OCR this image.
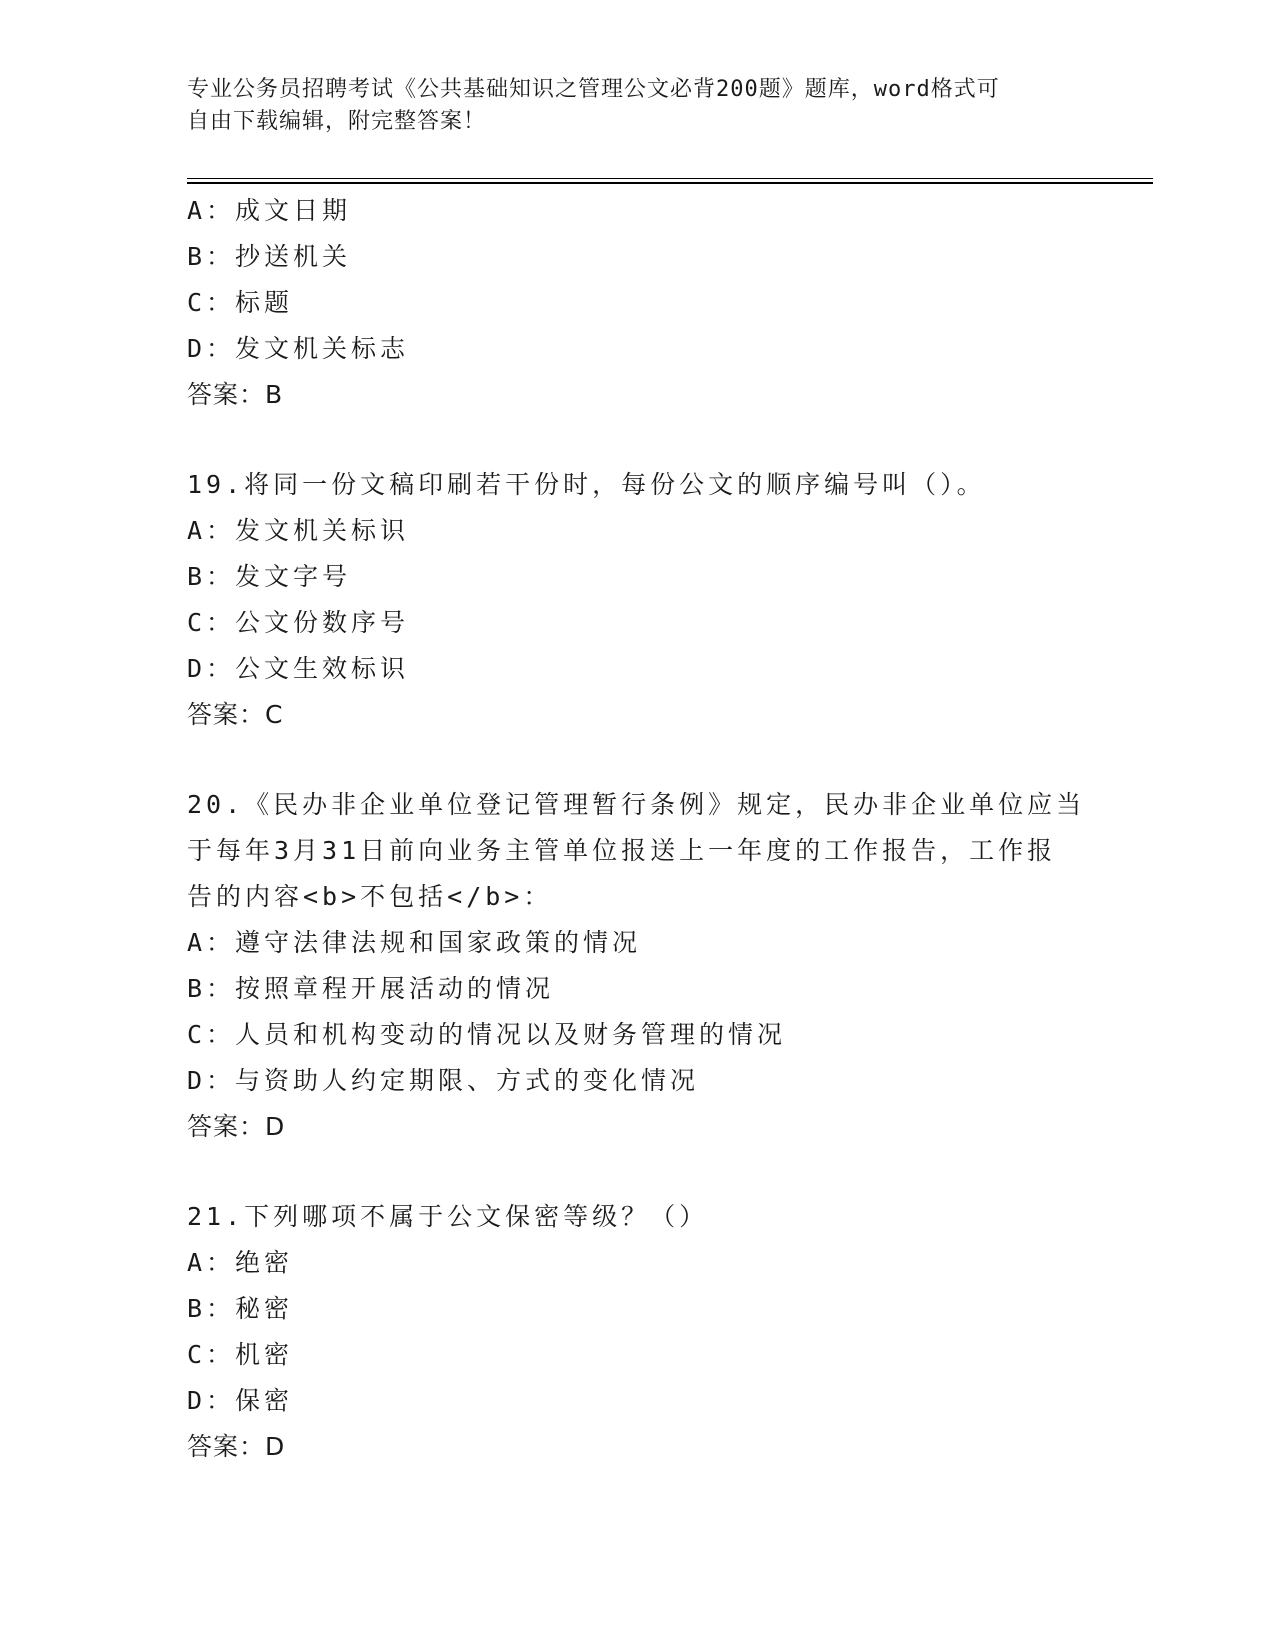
专业公务员招聘考试《公共基础知识之管理公文必背200题》题库，word格式可
自由下载编辑，附完整答案！
A：成文日期
B：抄送机关
C：标题
D：发文机关标志
答案：B
19.将同一份文稿印刷若干份时，每份公文的顺序编号叫（）。
A：发文机关标识
B：发文字号
C：公文份数序号
D：公文生效标识
答案：C
20.《民办非企业单位登记管理暂行条例》规定，民办非企业单位应当
于每年3月31日前向业务主管单位报送上一年度的工作报告，工作报
告的内容<b>不包括</b>：
A：遵守法律法规和国家政策的情况
B：按照章程开展活动的情况
C：人员和机构变动的情况以及财务管理的情况
D：与资助人约定期限、方式的变化情况
答案：D
21.下列哪项不属于公文保密等级？（）
A：绝密
B：秘密
C：机密
D：保密
答案：D
